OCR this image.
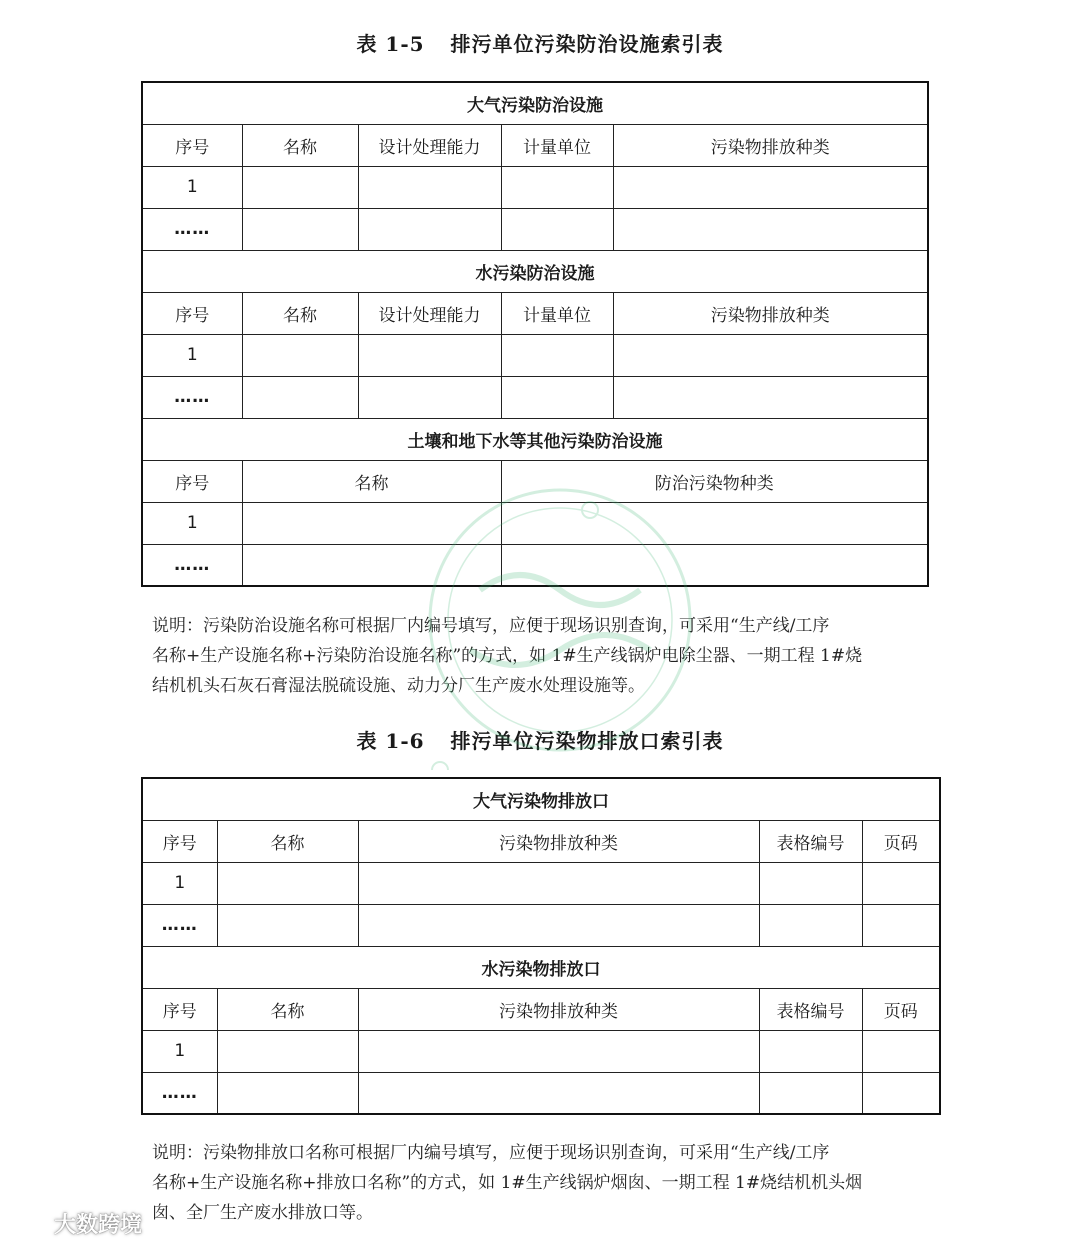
表 1-5 排污单位污染防治设施索引表
大气污染防治设施				
序号	名称	设计处理能力	计量单位	污染物排放种类
1				
……				
水污染防治设施				
序号	名称	设计处理能力	计量单位	污染物排放种类
1				
……				
土壤和地下水等其他污染防治设施				
序号	名称		防治污染物种类	
1				
……				
说明：污染防治设施名称可根据厂内编号填写，应便于现场识别查询，可采用“生产线/工序
名称+生产设施名称+污染防治设施名称”的方式，如 1#生产线锅炉电除尘器、一期工程 1#烧
结机机头石灰石膏湿法脱硫设施、动力分厂生产废水处理设施等。
表 1-6 排污单位污染物排放口索引表
大气污染物排放口				
序号	名称	污染物排放种类	表格编号	页码
1				
……				
水污染物排放口				
序号	名称	污染物排放种类	表格编号	页码
1				
……				
说明：污染物排放口名称可根据厂内编号填写，应便于现场识别查询，可采用“生产线/工序
名称+生产设施名称+排放口名称”的方式，如 1#生产线锅炉烟囱、一期工程 1#烧结机机头烟
囱、全厂生产废水排放口等。
大数跨境
